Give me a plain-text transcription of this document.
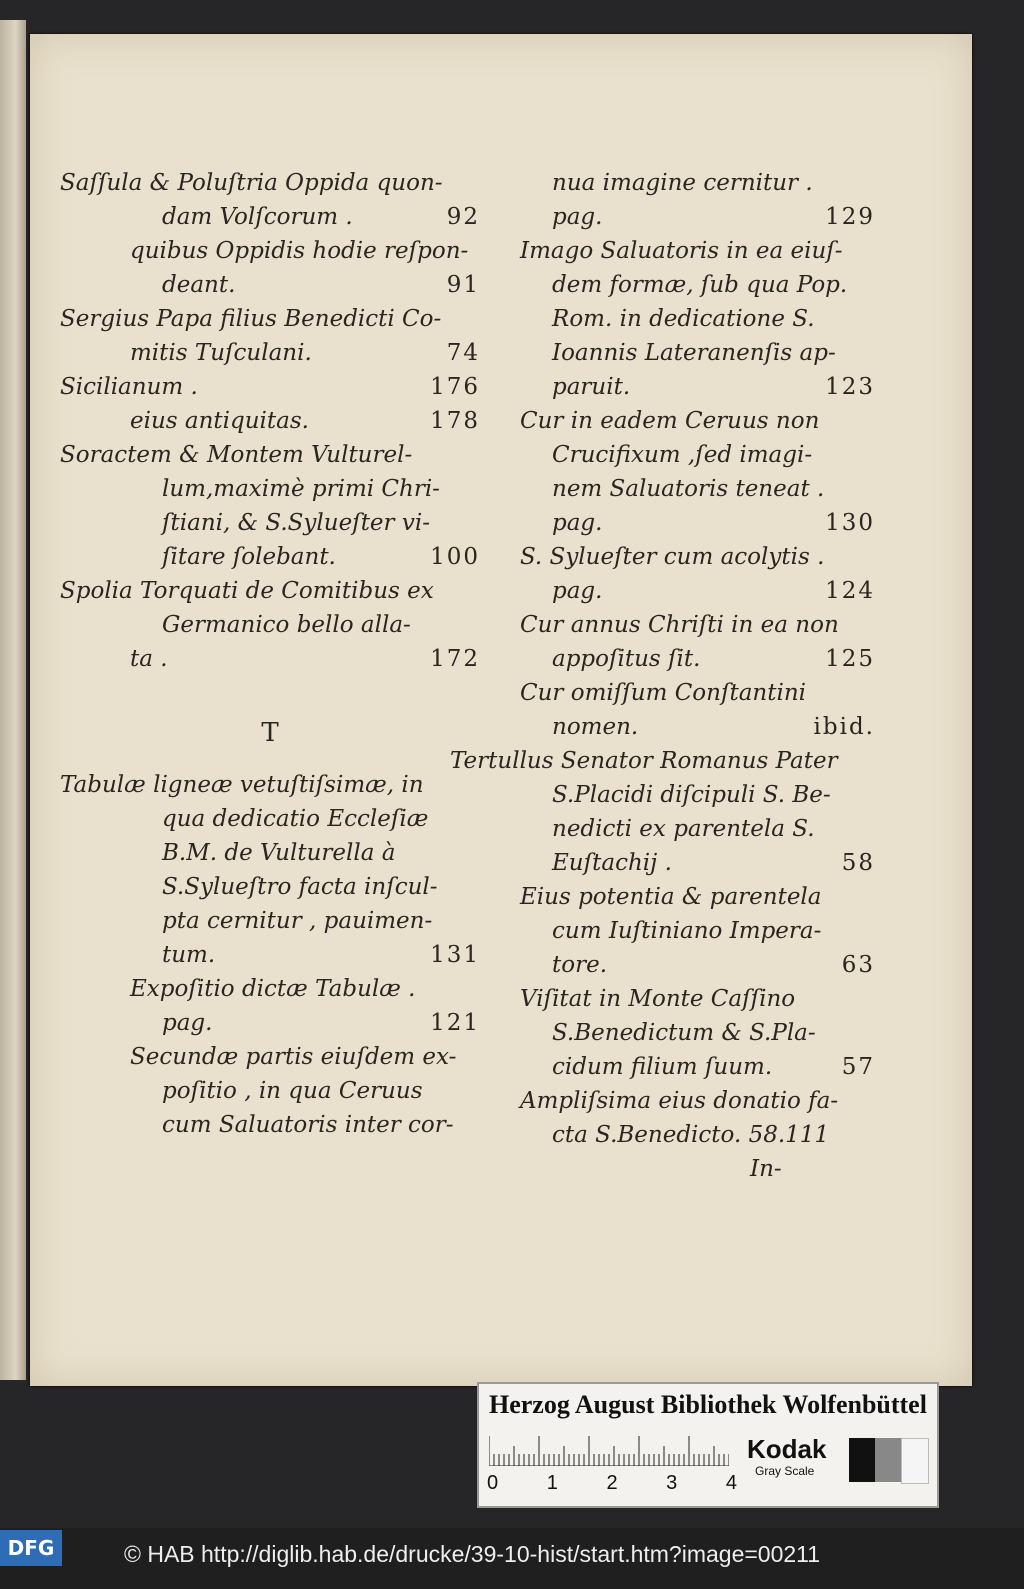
Saſſula & Poluſtria Oppida quon-
dam Volſcorum .	92
quibus Oppidis hodie reſpon-
deant.	91
Sergius Papa filius Benedicti Co-
mitis Tuſculani.	74
Sicilianum .	176
eius antiquitas.	178
Soractem & Montem Vulturel-
lum,maximè primi Chri-
ſtiani, & S.Sylueſter vi-
ſitare ſolebant.	100
Spolia Torquati de Comitibus ex
Germanico bello alla-
ta .	172
T
Tabulæ ligneæ vetuſtiſsimæ, in
qua dedicatio Eccleſiæ
B.M. de Vulturella à
S.Sylueſtro facta inſcul-
pta cernitur , pauimen-
tum.	131
Expoſitio dictæ Tabulæ .
pag.	121
Secundæ partis eiuſdem ex-
poſitio , in qua Ceruus
cum Saluatoris inter cor-
nua imagine cernitur .
pag.	129
Imago Saluatoris in ea eiuſ-
dem formæ, ſub qua Pop.
Rom. in dedicatione S.
Ioannis Lateranenſis ap-
paruit.	123
Cur in eadem Ceruus non
Crucifixum ,ſed imagi-
nem Saluatoris teneat .
pag.	130
S. Sylueſter cum acolytis .
pag.	124
Cur annus Chriſti in ea non
appoſitus ſit.	125
Cur omiſſum Conſtantini
nomen.	ibid.
Tertullus Senator Romanus Pater
S.Placidi diſcipuli S. Be-
nedicti ex parentela S.
Euſtachij .	58
Eius potentia & parentela
cum Iuſtiniano Impera-
tore.	63
Viſitat in Monte Caſſino
S.Benedictum & S.Pla-
cidum filium ſuum.	57
Ampliſsima eius donatio fa-
cta S.Benedicto. 58.111
In-
Herzog August Bibliothek Wolfenbüttel
0 1 2 3 4
Kodak
Gray Scale
DFG	© HAB http://diglib.hab.de/drucke/39-10-hist/start.htm?image=00211
